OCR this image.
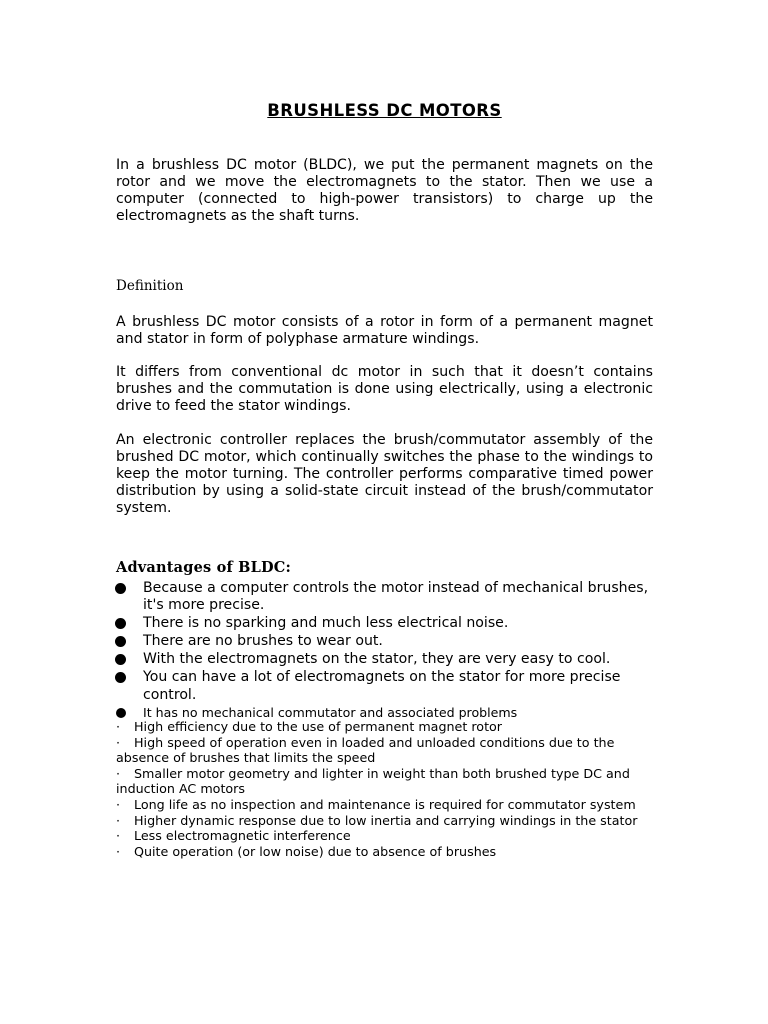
BRUSHLESS DC MOTORS

In a brushless DC motor (BLDC), we put the permanent magnets on the rotor and we move the electromagnets to the stator. Then we use a computer (connected to high-power transistors) to charge up the electromagnets as the shaft turns.

Definition

A brushless DC motor consists of a rotor in form of a permanent magnet and stator in form of polyphase armature windings.

It differs from conventional dc motor in such that it doesn’t contains brushes and the commutation is done using electrically, using a electronic drive to feed the stator windings.

An electronic controller replaces the brush/commutator assembly of the brushed DC motor, which continually switches the phase to the windings to keep the motor turning. The controller performs comparative timed power distribution by using a solid-state circuit instead of the brush/commutator system.

Advantages of BLDC:

Because a computer controls the motor instead of mechanical brushes, it's more precise.
There is no sparking and much less electrical noise.
There are no brushes to wear out.
With the electromagnets on the stator, they are very easy to cool.
You can have a lot of electromagnets on the stator for more precise control.
It has no mechanical commutator and associated problems
· High efficiency due to the use of permanent magnet rotor
· High speed of operation even in loaded and unloaded conditions due to the absence of brushes that limits the speed
· Smaller motor geometry and lighter in weight than both brushed type DC and induction AC motors
· Long life as no inspection and maintenance is required for commutator system
· Higher dynamic response due to low inertia and carrying windings in the stator
· Less electromagnetic interference
· Quite operation (or low noise) due to absence of brushes
